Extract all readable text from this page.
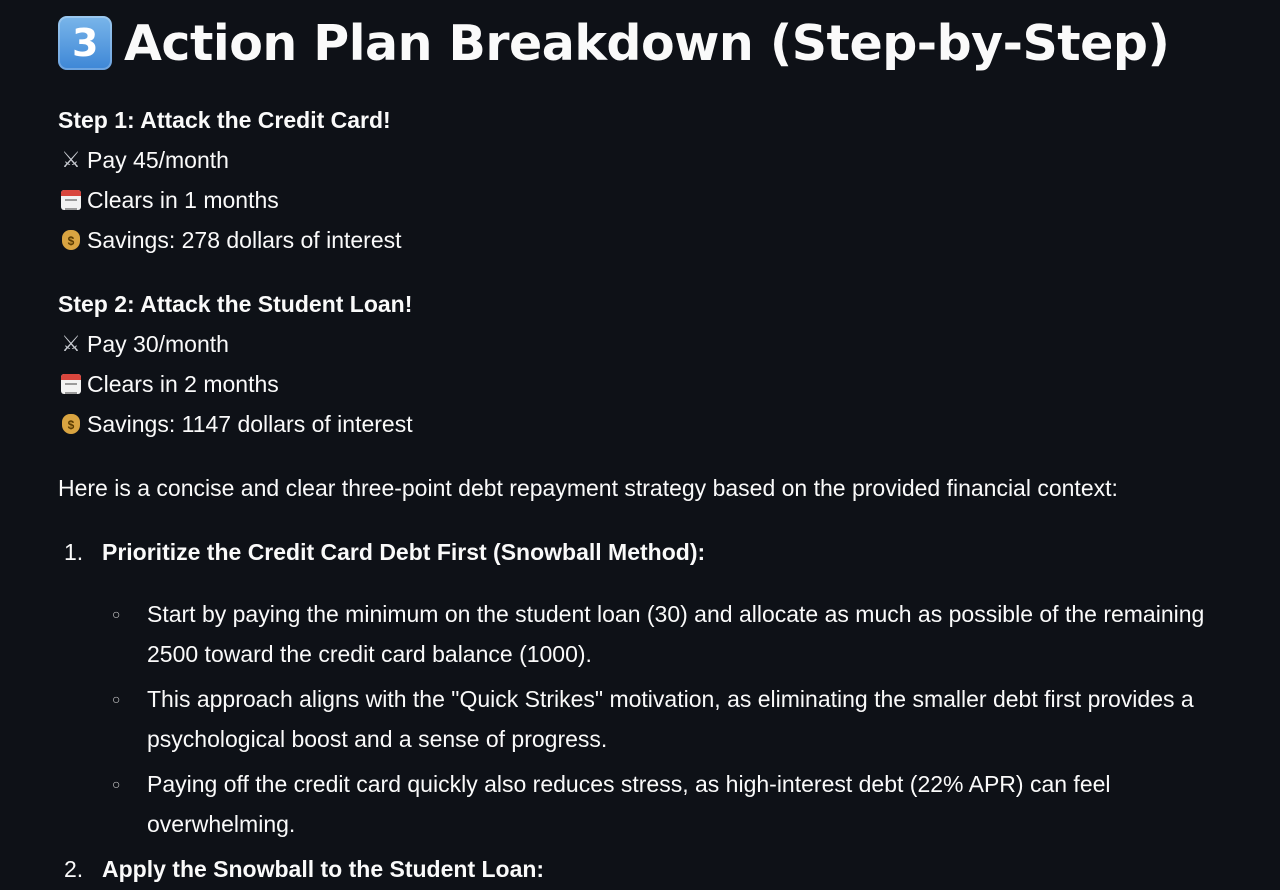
3 Action Plan Breakdown (Step-by-Step)
Step 1: Attack the Credit Card!
⚔ Pay 45/month
Clears in 1 months
$ Savings: 278 dollars of interest
Step 2: Attack the Student Loan!
⚔ Pay 30/month
Clears in 2 months
$ Savings: 1147 dollars of interest
Here is a concise and clear three-point debt repayment strategy based on the provided financial context:
1. Prioritize the Credit Card Debt First (Snowball Method):
○ Start by paying the minimum on the student loan (30) and allocate as much as possible of the remaining 2500 toward the credit card balance (1000).
○ This approach aligns with the "Quick Strikes" motivation, as eliminating the smaller debt first provides a psychological boost and a sense of progress.
○ Paying off the credit card quickly also reduces stress, as high-interest debt (22% APR) can feel overwhelming.
2. Apply the Snowball to the Student Loan:
